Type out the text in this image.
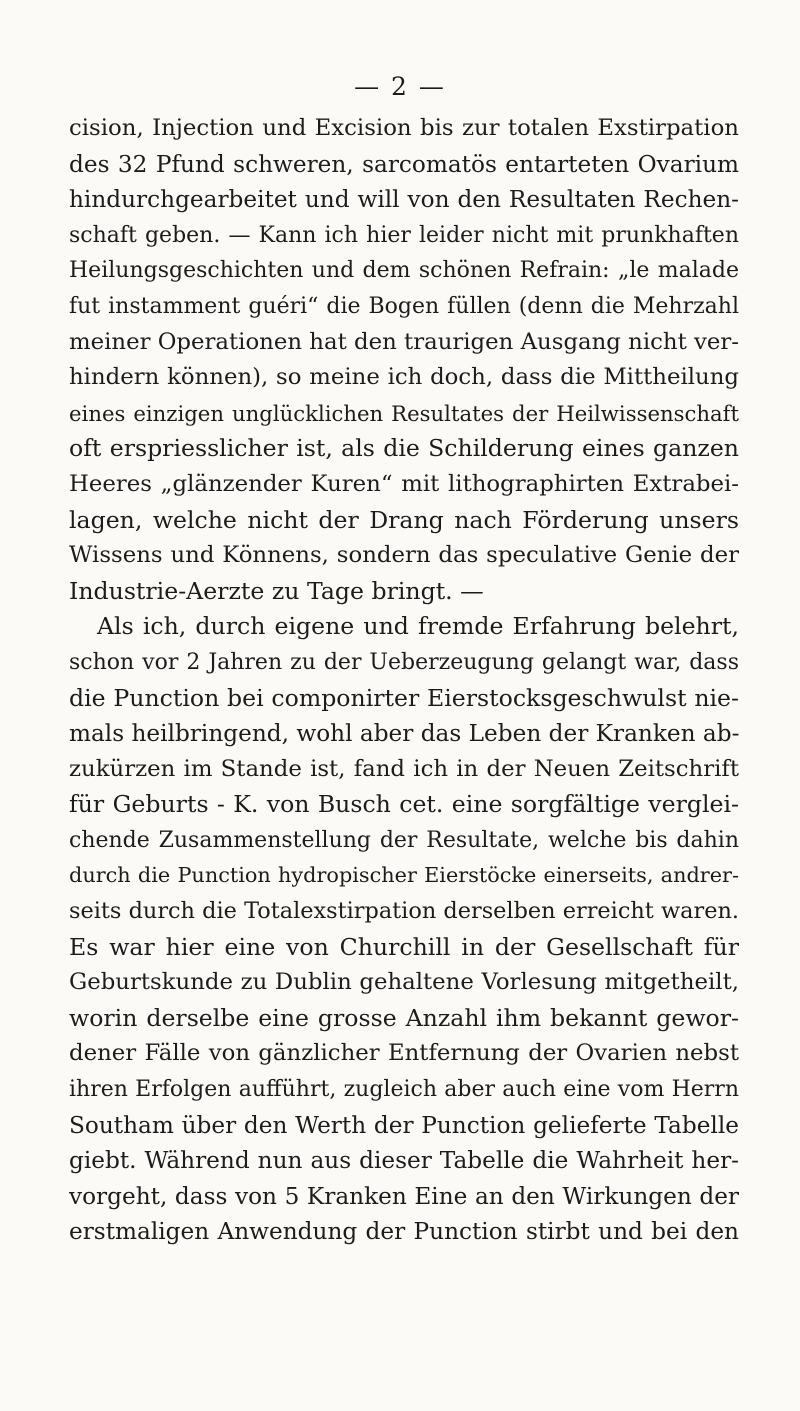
— 2 —
cision, Injection und Excision bis zur totalen Exstirpation
des 32 Pfund schweren, sarcomatös entarteten Ovarium
hindurchgearbeitet und will von den Resultaten Rechen-
schaft geben. — Kann ich hier leider nicht mit prunkhaften
Heilungsgeschichten und dem schönen Refrain: „le malade
fut instamment guéri“ die Bogen füllen (denn die Mehrzahl
meiner Operationen hat den traurigen Ausgang nicht ver-
hindern können), so meine ich doch, dass die Mittheilung
eines einzigen unglücklichen Resultates der Heilwissenschaft
oft erspriesslicher ist, als die Schilderung eines ganzen
Heeres „glänzender Kuren“ mit lithographirten Extrabei-
lagen, welche nicht der Drang nach Förderung unsers
Wissens und Könnens, sondern das speculative Genie der
Industrie-Aerzte zu Tage bringt. —
Als ich, durch eigene und fremde Erfahrung belehrt,
schon vor 2 Jahren zu der Ueberzeugung gelangt war, dass
die Punction bei componirter Eierstocksgeschwulst nie-
mals heilbringend, wohl aber das Leben der Kranken ab-
zukürzen im Stande ist, fand ich in der Neuen Zeitschrift
für Geburts - K. von Busch cet. eine sorgfältige verglei-
chende Zusammenstellung der Resultate, welche bis dahin
durch die Punction hydropischer Eierstöcke einerseits, andrer-
seits durch die Totalexstirpation derselben erreicht waren.
Es war hier eine von Churchill in der Gesellschaft für
Geburtskunde zu Dublin gehaltene Vorlesung mitgetheilt,
worin derselbe eine grosse Anzahl ihm bekannt gewor-
dener Fälle von gänzlicher Entfernung der Ovarien nebst
ihren Erfolgen aufführt, zugleich aber auch eine vom Herrn
Southam über den Werth der Punction gelieferte Tabelle
giebt. Während nun aus dieser Tabelle die Wahrheit her-
vorgeht, dass von 5 Kranken Eine an den Wirkungen der
erstmaligen Anwendung der Punction stirbt und bei den
